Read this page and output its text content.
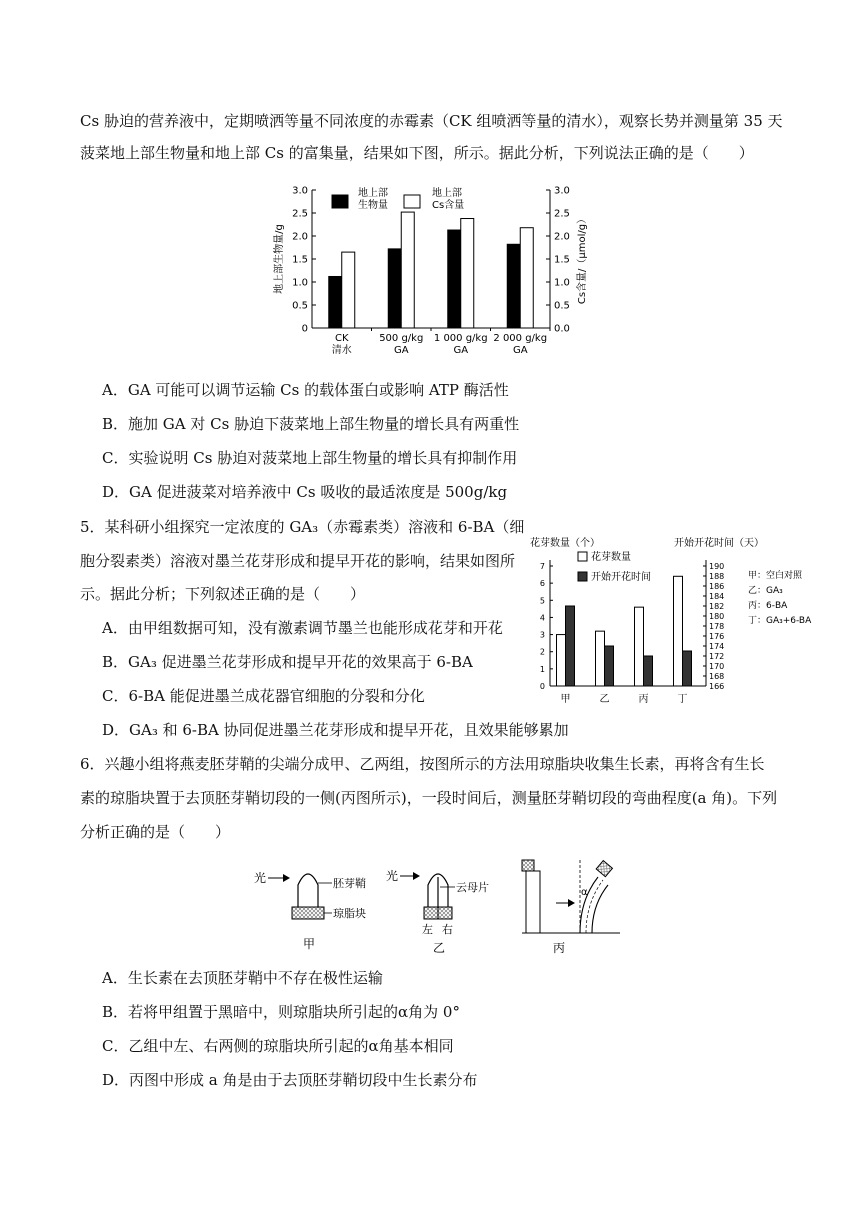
Cs 胁迫的营养液中，定期喷洒等量不同浓度的赤霉素（CK 组喷洒等量的清水），观察长势并测量第 35 天
菠菜地上部生物量和地上部 Cs 的富集量，结果如下图，所示。据此分析，下列说法正确的是（　　）
0
0.5
1.0
1.5
2.0
2.5
3.0
0.0
0.5
1.0
1.5
2.0
2.5
3.0
CK 清水
500 g/kg GA
1 000 g/kg GA
2 000 g/kg GA
地上部生物量
地上部 Cs含量
地上部生物量/g	Cs含量/（μmol/g）
A．GA 可能可以调节运输 Cs 的载体蛋白或影响 ATP 酶活性
B．施加 GA 对 Cs 胁迫下菠菜地上部生物量的增长具有两重性
C．实验说明 Cs 胁迫对菠菜地上部生物量的增长具有抑制作用
D．GA 促进菠菜对培养液中 Cs 吸收的最适浓度是 500g/kg
5．某科研小组探究一定浓度的 GA₃（赤霉素类）溶液和 6-BA（细
胞分裂素类）溶液对墨兰花芽形成和提早开花的影响，结果如图所
示。据此分析；下列叙述正确的是（　　）
A．由甲组数据可知，没有激素调节墨兰也能形成花芽和开花
B．GA₃ 促进墨兰花芽形成和提早开花的效果高于 6-BA
C．6-BA 能促进墨兰成花器官细胞的分裂和分化
D．GA₃ 和 6-BA 协同促进墨兰花芽形成和提早开花，且效果能够累加
花芽数量（个）	开始开花时间（天）
0
1
2
3
4
5
6
7
166
168
170
172
174
176
178
180
182
184
186
188
190
甲	乙	丙	丁
花芽数量
开始开花时间	甲：空白对照
乙：GA₃
丙：6-BA
丁：GA₃+6-BA
6．兴趣小组将燕麦胚芽鞘的尖端分成甲、乙两组，按图所示的方法用琼脂块收集生长素，再将含有生长
素的琼脂块置于去顶胚芽鞘切段的一侧(丙图所示)，一段时间后，测量胚芽鞘切段的弯曲程度(a 角)。下列
分析正确的是（　　）
光	胚芽鞘
琼脂块
甲
光
云母片
左 右
乙
α
丙
A．生长素在去顶胚芽鞘中不存在极性运输
B．若将甲组置于黑暗中，则琼脂块所引起的α角为 0°
C．乙组中左、右两侧的琼脂块所引起的α角基本相同
D．丙图中形成 a 角是由于去顶胚芽鞘切段中生长素分布
